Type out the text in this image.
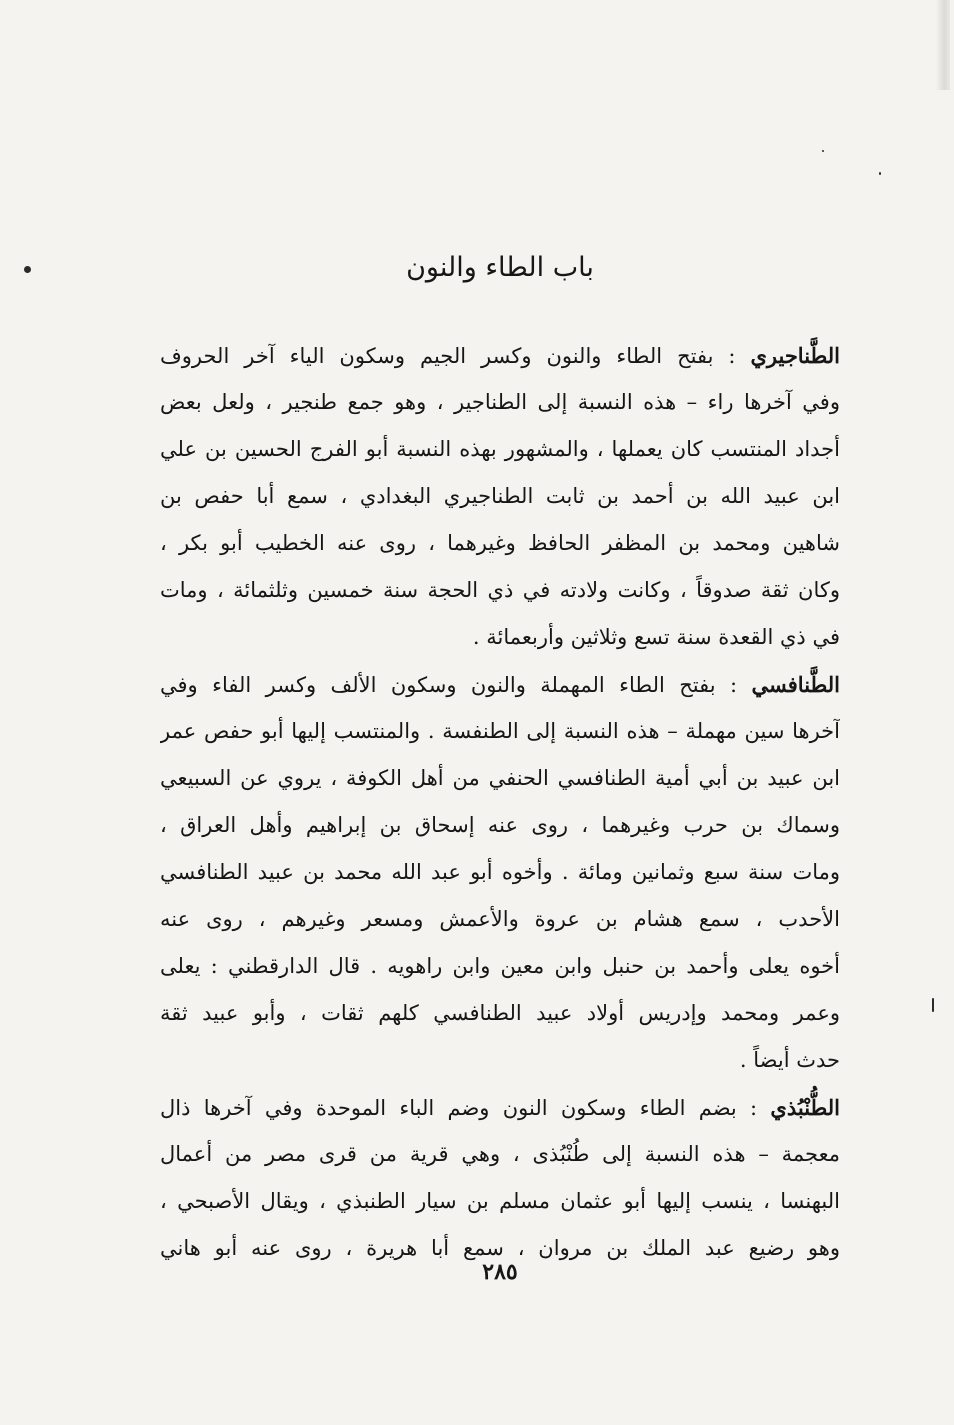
باب الطاء والنون
الطَّناجيري : بفتح الطاء والنون وكسر الجيم وسكون الياء آخر الحروف
وفي آخرها راء – هذه النسبة إلى الطناجير ، وهو جمع طنجير ، ولعل بعض
أجداد المنتسب كان يعملها ، والمشهور بهذه النسبة أبو الفرج الحسين بن علي
ابن عبيد الله بن أحمد بن ثابت الطناجيري البغدادي ، سمع أبا حفص بن
شاهين ومحمد بن المظفر الحافظ وغيرهما ، روى عنه الخطيب أبو بكر ،
وكان ثقة صدوقاً ، وكانت ولادته في ذي الحجة سنة خمسين وثلثمائة ، ومات
في ذي القعدة سنة تسع وثلاثين وأربعمائة .
الطَّنافسي : بفتح الطاء المهملة والنون وسكون الألف وكسر الفاء وفي
آخرها سين مهملة – هذه النسبة إلى الطنفسة . والمنتسب إليها أبو حفص عمر
ابن عبيد بن أبي أمية الطنافسي الحنفي من أهل الكوفة ، يروي عن السبيعي
وسماك بن حرب وغيرهما ، روى عنه إسحاق بن إبراهيم وأهل العراق ،
ومات سنة سبع وثمانين ومائة . وأخوه أبو عبد الله محمد بن عبيد الطنافسي
الأحدب ، سمع هشام بن عروة والأعمش ومسعر وغيرهم ، روى عنه
أخوه يعلى وأحمد بن حنبل وابن معين وابن راهويه . قال الدارقطني : يعلى
وعمر ومحمد وإدريس أولاد عبيد الطنافسي كلهم ثقات ، وأبو عبيد ثقة
حدث أيضاً .
الطُّنْبُذي : بضم الطاء وسكون النون وضم الباء الموحدة وفي آخرها ذال
معجمة – هذه النسبة إلى طُنْبُذى ، وهي قرية من قرى مصر من أعمال
البهنسا ، ينسب إليها أبو عثمان مسلم بن سيار الطنبذي ، ويقال الأصبحي ،
وهو رضيع عبد الملك بن مروان ، سمع أبا هريرة ، روى عنه أبو هاني
٢٨٥
